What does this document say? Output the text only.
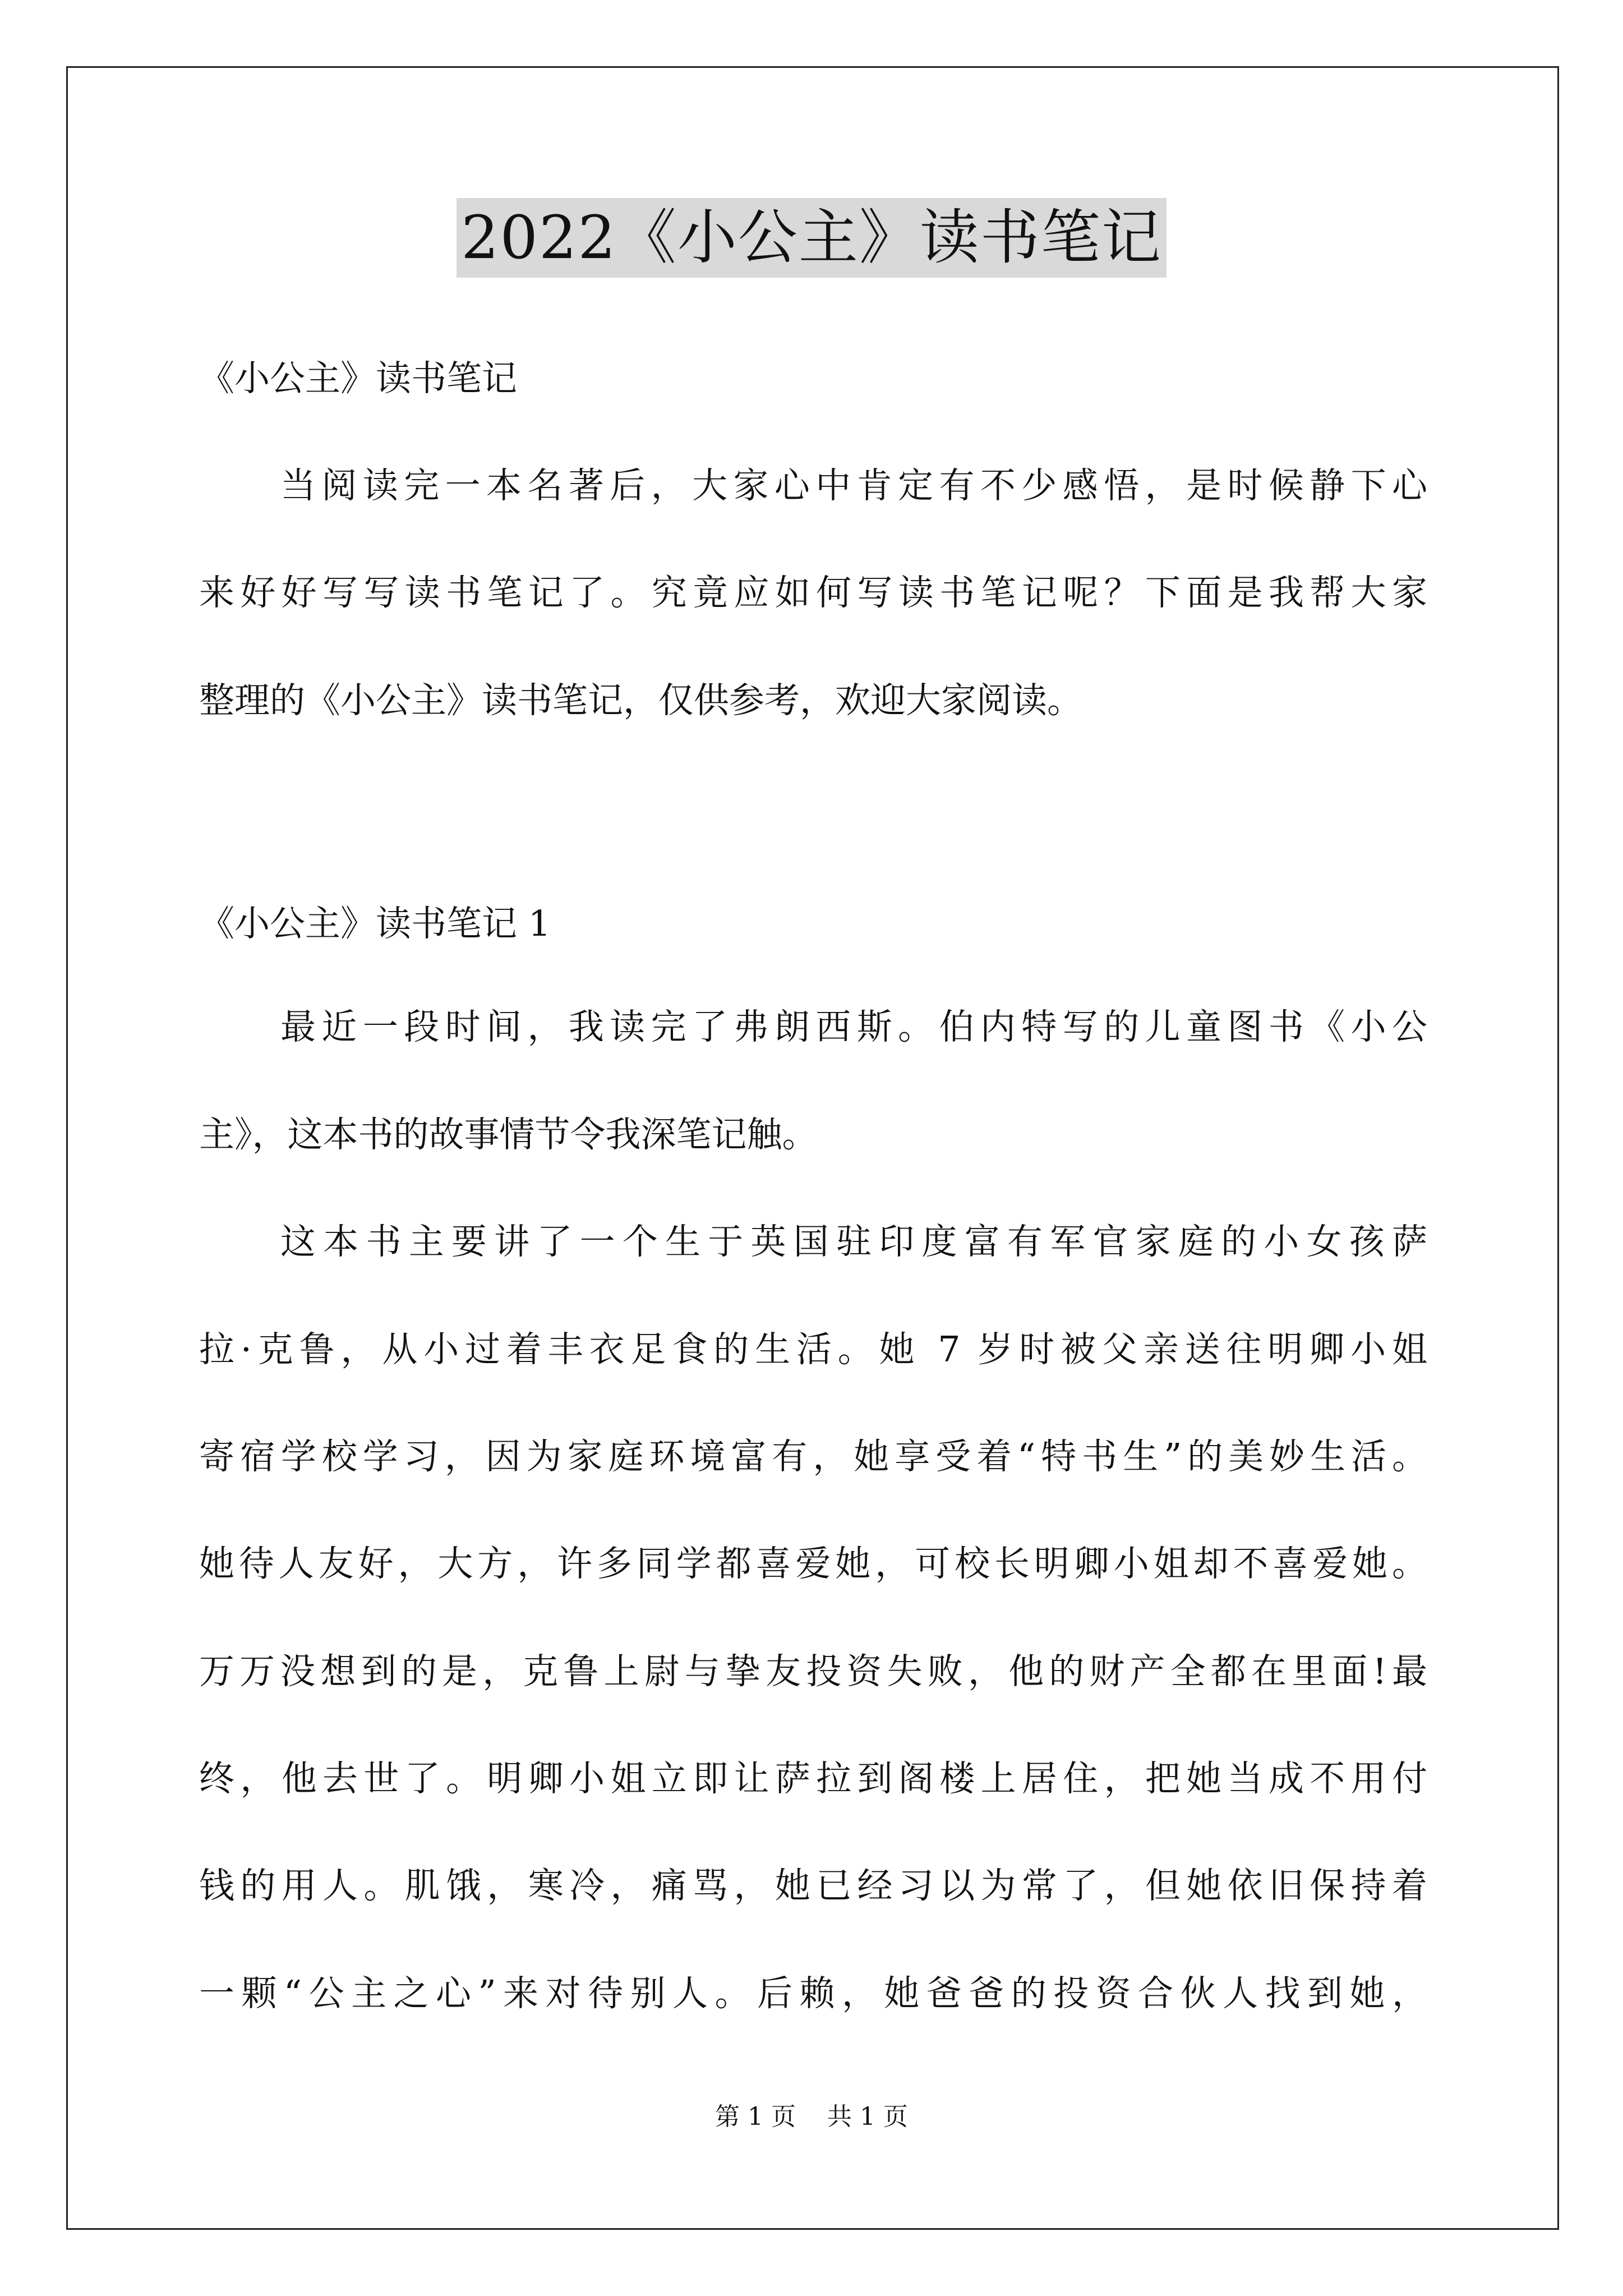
2022《小公主》读书笔记
《小公主》读书笔记
当阅读完一本名著后，大家心中肯定有不少感悟，是时候静下心
来好好写写读书笔记了。究竟应如何写读书笔记呢？下面是我帮大家
整理的《小公主》读书笔记，仅供参考，欢迎大家阅读。
《小公主》读书笔记 1
最近一段时间，我读完了弗朗西斯。伯内特写的儿童图书《小公
主》，这本书的故事情节令我深笔记触。
这本书主要讲了一个生于英国驻印度富有军官家庭的小女孩萨
拉·克鲁，从小过着丰衣足食的生活。她 7 岁时被父亲送往明卿小姐
寄宿学校学习，因为家庭环境富有，她享受着“特书生”的美妙生活。
她待人友好，大方，许多同学都喜爱她，可校长明卿小姐却不喜爱她。
万万没想到的是，克鲁上尉与挚友投资失败，他的财产全都在里面!最
终，他去世了。明卿小姐立即让萨拉到阁楼上居住，把她当成不用付
钱的用人。肌饿，寒冷，痛骂，她已经习以为常了，但她依旧保持着
一颗“公主之心”来对待别人。后赖，她爸爸的投资合伙人找到她，
第 1 页    共 1 页
